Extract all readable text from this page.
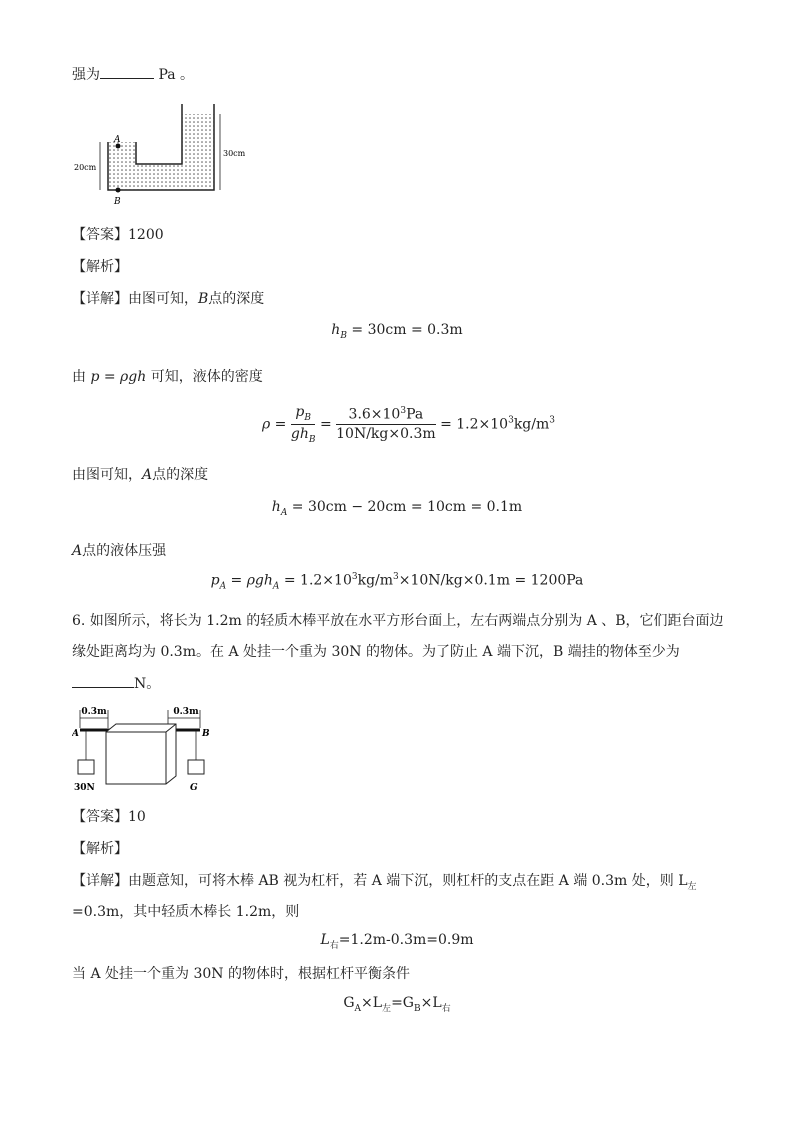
强为	Pa 。
A
B
20cm
30cm
【答案】1200
【解析】
【详解】由图可知，B点的深度
$h_B = 30cm = 0.3m$
由 p = ρgh 可知，液体的密度
$\rho = \frac{p_B}{gh_B} = \frac{3.6\times 10^3Pa}{10N/kg\times 0.3m} = 1.2\times 10^3kg/m^3$
由图可知，A点的深度
$h_A = 30cm - 20cm = 10cm = 0.1m$
A点的液体压强
$p_A = \rho gh_A = 1.2\times 10^3kg/m^3\times 10N/kg\times 0.1m = 1200Pa$
6. 如图所示，将长为 1.2m 的轻质木棒平放在水平方形台面上，左右两端点分别为 A 、B，它们距台面边
缘处距离均为 0.3m。在 A 处挂一个重为 30N 的物体。为了防止 A 端下沉，B 端挂的物体至少为
N。
0.3m	0.3m
A	B
30N	G
【答案】10
【解析】
【详解】由题意知，可将木棒 AB 视为杠杆，若 A 端下沉，则杠杆的支点在距 A 端 0.3m 处，则 $L_左$
=0.3m，其中轻质木棒长 1.2m，则
$L_右=1.2m-0.3m=0.9m$
当 A 处挂一个重为 30N 的物体时，根据杠杆平衡条件
$G_A\times L_左=G_B\times L_右$
